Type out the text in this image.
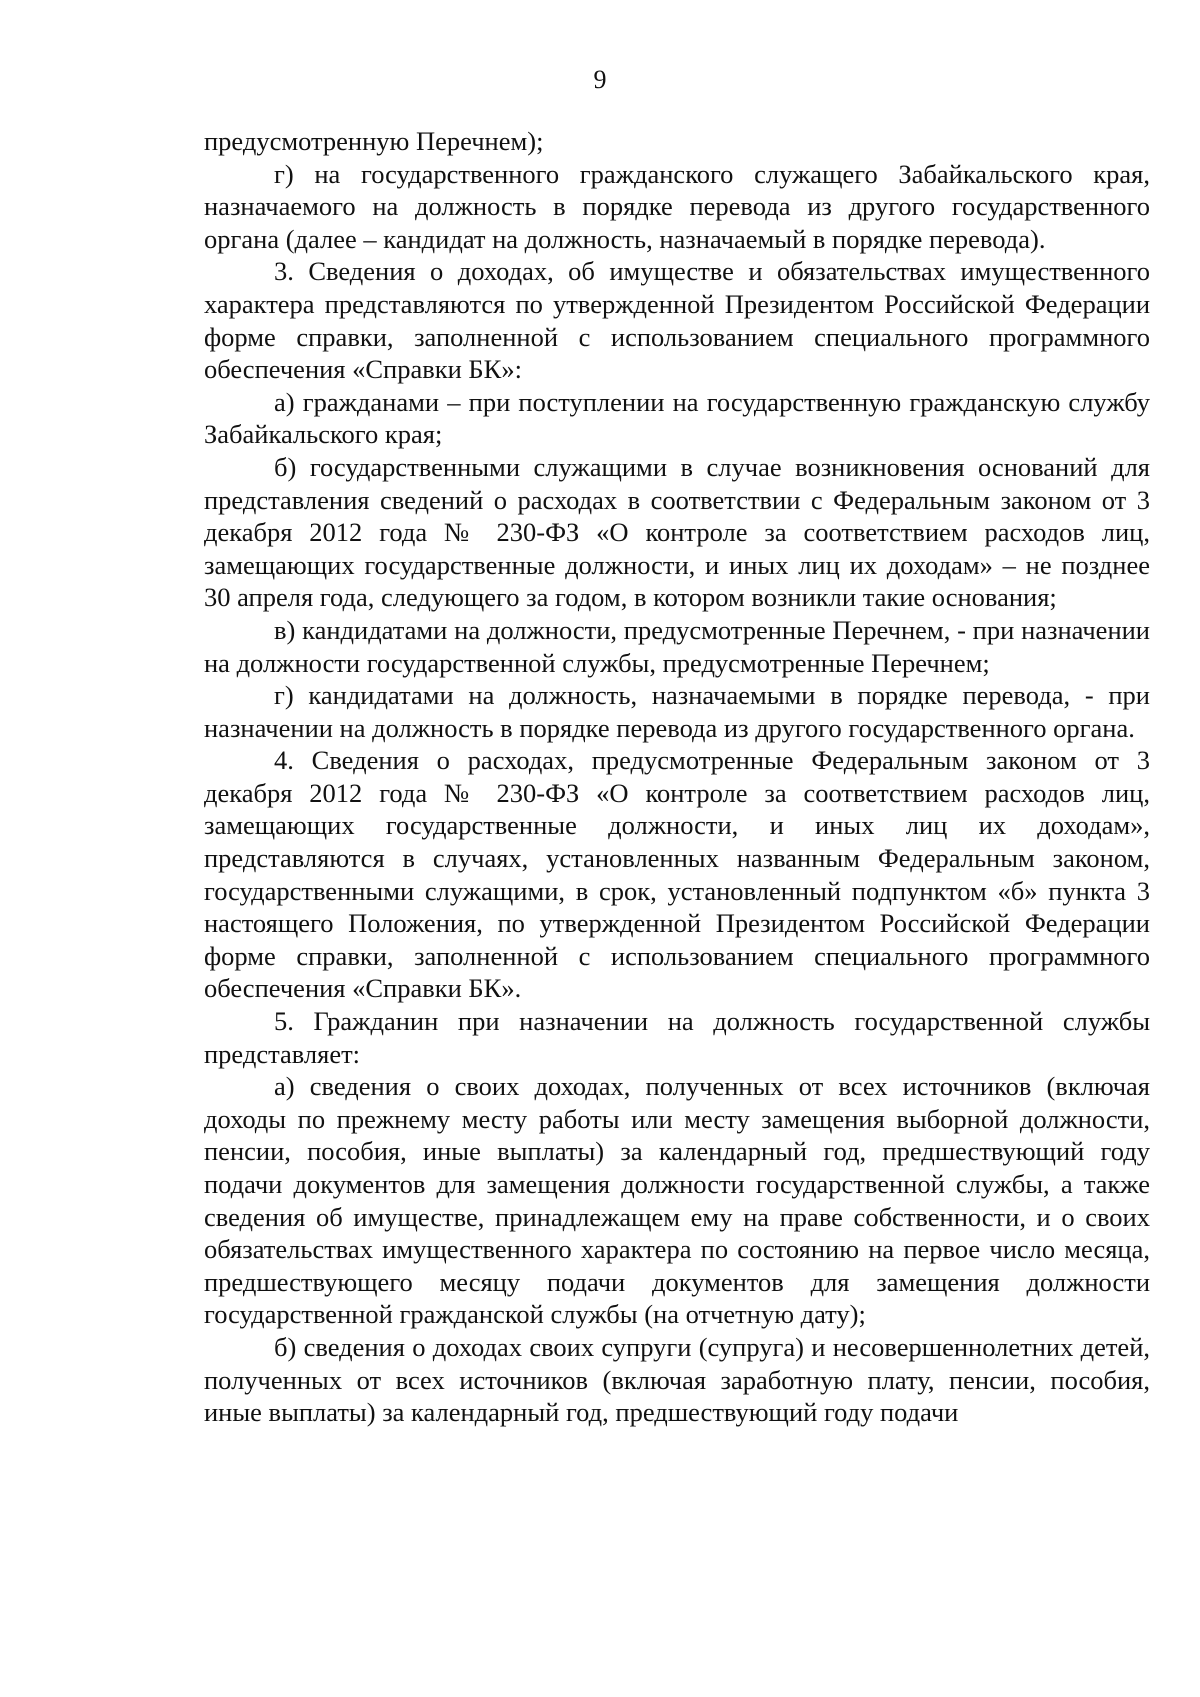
9

предусмотренную Перечнем);

г) на государственного гражданского служащего Забайкальского края, назначаемого на должность в порядке перевода из другого государственного органа (далее – кандидат на должность, назначаемый в порядке перевода).

3. Сведения о доходах, об имуществе и обязательствах имущественного характера представляются по утвержденной Президентом Российской Федерации форме справки, заполненной с использованием специального программного обеспечения «Справки БК»:

а) гражданами – при поступлении на государственную гражданскую службу Забайкальского края;

б) государственными служащими в случае возникновения оснований для представления сведений о расходах в соответствии с Федеральным законом от 3 декабря 2012 года № 230-ФЗ «О контроле за соответствием расходов лиц, замещающих государственные должности, и иных лиц их доходам» – не позднее 30 апреля года, следующего за годом, в котором возникли такие основания;

в) кандидатами на должности, предусмотренные Перечнем, - при назначении на должности государственной службы, предусмотренные Перечнем;

г) кандидатами на должность, назначаемыми в порядке перевода, - при назначении на должность в порядке перевода из другого государственного органа.

4. Сведения о расходах, предусмотренные Федеральным законом от 3 декабря 2012 года № 230-ФЗ «О контроле за соответствием расходов лиц, замещающих государственные должности, и иных лиц их доходам», представляются в случаях, установленных названным Федеральным законом, государственными служащими, в срок, установленный подпунктом «б» пункта 3 настоящего Положения, по утвержденной Президентом Российской Федерации форме справки, заполненной с использованием специального программного обеспечения «Справки БК».

5. Гражданин при назначении на должность государственной службы представляет:

а) сведения о своих доходах, полученных от всех источников (включая доходы по прежнему месту работы или месту замещения выборной должности, пенсии, пособия, иные выплаты) за календарный год, предшествующий году подачи документов для замещения должности государственной службы, а также сведения об имуществе, принадлежащем ему на праве собственности, и о своих обязательствах имущественного характера по состоянию на первое число месяца, предшествующего месяцу подачи документов для замещения должности государственной гражданской службы (на отчетную дату);

б) сведения о доходах своих супруги (супруга) и несовершеннолетних детей, полученных от всех источников (включая заработную плату, пенсии, пособия, иные выплаты) за календарный год, предшествующий году подачи
